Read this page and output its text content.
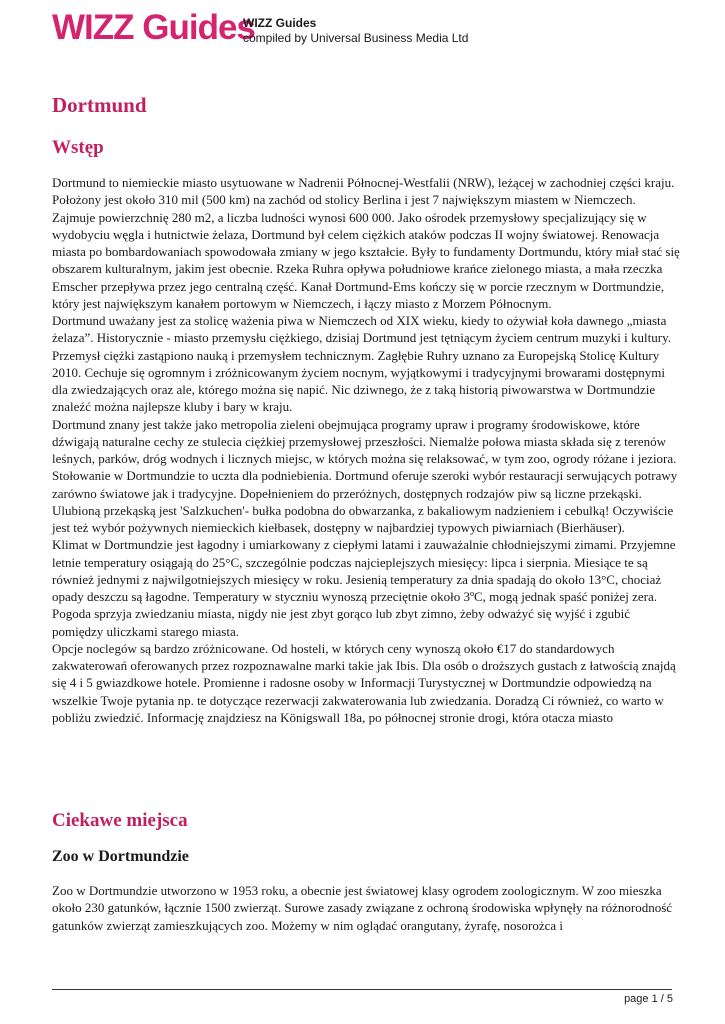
WIZZ Guides
WIZZ Guides
compiled by Universal Business Media Ltd
Dortmund
Wstęp

Dortmund to niemieckie miasto usytuowane w Nadrenii Północnej-Westfalii (NRW), leżącej w zachodniej części kraju. Położony jest około 310 mil (500 km) na zachód od stolicy Berlina i jest 7 największym miastem w Niemczech. Zajmuje powierzchnię 280 m2, a liczba ludności wynosi 600 000. Jako ośrodek przemysłowy specjalizujący się w wydobyciu węgla i hutnictwie żelaza, Dortmund był celem ciężkich ataków podczas II wojny światowej. Renowacja miasta po bombardowaniach spowodowała zmiany w jego kształcie. Były to fundamenty Dortmundu, który miał stać się obszarem kulturalnym, jakim jest obecnie. Rzeka Ruhra opływa południowe krańce zielonego miasta, a mała rzeczka Emscher przepływa przez jego centralną część. Kanał Dortmund-Ems kończy się w porcie rzecznym w Dortmundzie, który jest największym kanałem portowym w Niemczech, i łączy miasto z Morzem Północnym.

Dortmund uważany jest za stolicę ważenia piwa w Niemczech od XIX wieku, kiedy to ożywiał koła dawnego „miasta żelaza”. Historycznie - miasto przemysłu ciężkiego, dzisiaj Dortmund jest tętniącym życiem centrum muzyki i kultury. Przemysł ciężki zastąpiono nauką i przemysłem technicznym. Zagłębie Ruhry uznano za Europejską Stolicę Kultury 2010. Cechuje się ogromnym i zróżnicowanym życiem nocnym, wyjątkowymi i tradycyjnymi browarami dostępnymi dla zwiedzających oraz ale, którego można się napić. Nic dziwnego, że z taką historią piwowarstwa w Dortmundzie znaleźć można najlepsze kluby i bary w kraju.

Dortmund znany jest także jako metropolia zieleni obejmująca programy upraw i programy środowiskowe, które dźwigają naturalne cechy ze stulecia ciężkiej przemysłowej przeszłości. Niemalże połowa miasta składa się z terenów leśnych, parków, dróg wodnych i licznych miejsc, w których można się relaksować, w tym zoo, ogrody różane i jeziora.

Stołowanie w Dortmundzie to uczta dla podniebienia. Dortmund oferuje szeroki wybór restauracji serwujących potrawy zarówno światowe jak i tradycyjne. Dopełnieniem do przeróżnych, dostępnych rodzajów piw są liczne przekąski. Ulubioną przekąską jest 'Salzkuchen'- bułka podobna do obwarzanka, z bakaliowym nadzieniem i cebulką! Oczywiście jest też wybór pożywnych niemieckich kiełbasek, dostępny w najbardziej typowych piwiarniach (Bierhäuser).

Klimat w Dortmundzie jest łagodny i umiarkowany z ciepłymi latami i zauważalnie chłodniejszymi zimami. Przyjemne letnie temperatury osiągają do 25°C, szczególnie podczas najcieplejszych miesięcy: lipca i sierpnia. Miesiące te są również jednymi z najwilgotniejszych miesięcy w roku. Jesienią temperatury za dnia spadają do około 13°C, chociaż opady deszczu są łagodne. Temperatury w styczniu wynoszą przeciętnie około 3ºC, mogą jednak spaść poniżej zera. Pogoda sprzyja zwiedzaniu miasta, nigdy nie jest zbyt gorąco lub zbyt zimno, żeby odważyć się wyjść i zgubić pomiędzy uliczkami starego miasta.

Opcje noclegów są bardzo zróżnicowane. Od hosteli, w których ceny wynoszą około €17 do standardowych zakwaterowań oferowanych przez rozpoznawalne marki takie jak Ibis. Dla osób o droższych gustach z łatwością znajdą się 4 i 5 gwiazdkowe hotele. Promienne i radosne osoby w Informacji Turystycznej w Dortmundzie odpowiedzą na wszelkie Twoje pytania np. te dotyczące rezerwacji zakwaterowania lub zwiedzania. Doradzą Ci również, co warto w pobliżu zwiedzić. Informację znajdziesz na Königswall 18a, po północnej stronie drogi, która otacza miasto

Ciekawe miejsca
Zoo w Dortmundzie

Zoo w Dortmundzie utworzono w 1953 roku, a obecnie jest światowej klasy ogrodem zoologicznym. W zoo mieszka około 230 gatunków, łącznie 1500 zwierząt. Surowe zasady związane z ochroną środowiska wpłynęły na różnorodność gatunków zwierząt zamieszkujących zoo. Możemy w nim oglądać orangutany, żyrafę, nosorożca i

page 1 / 5
